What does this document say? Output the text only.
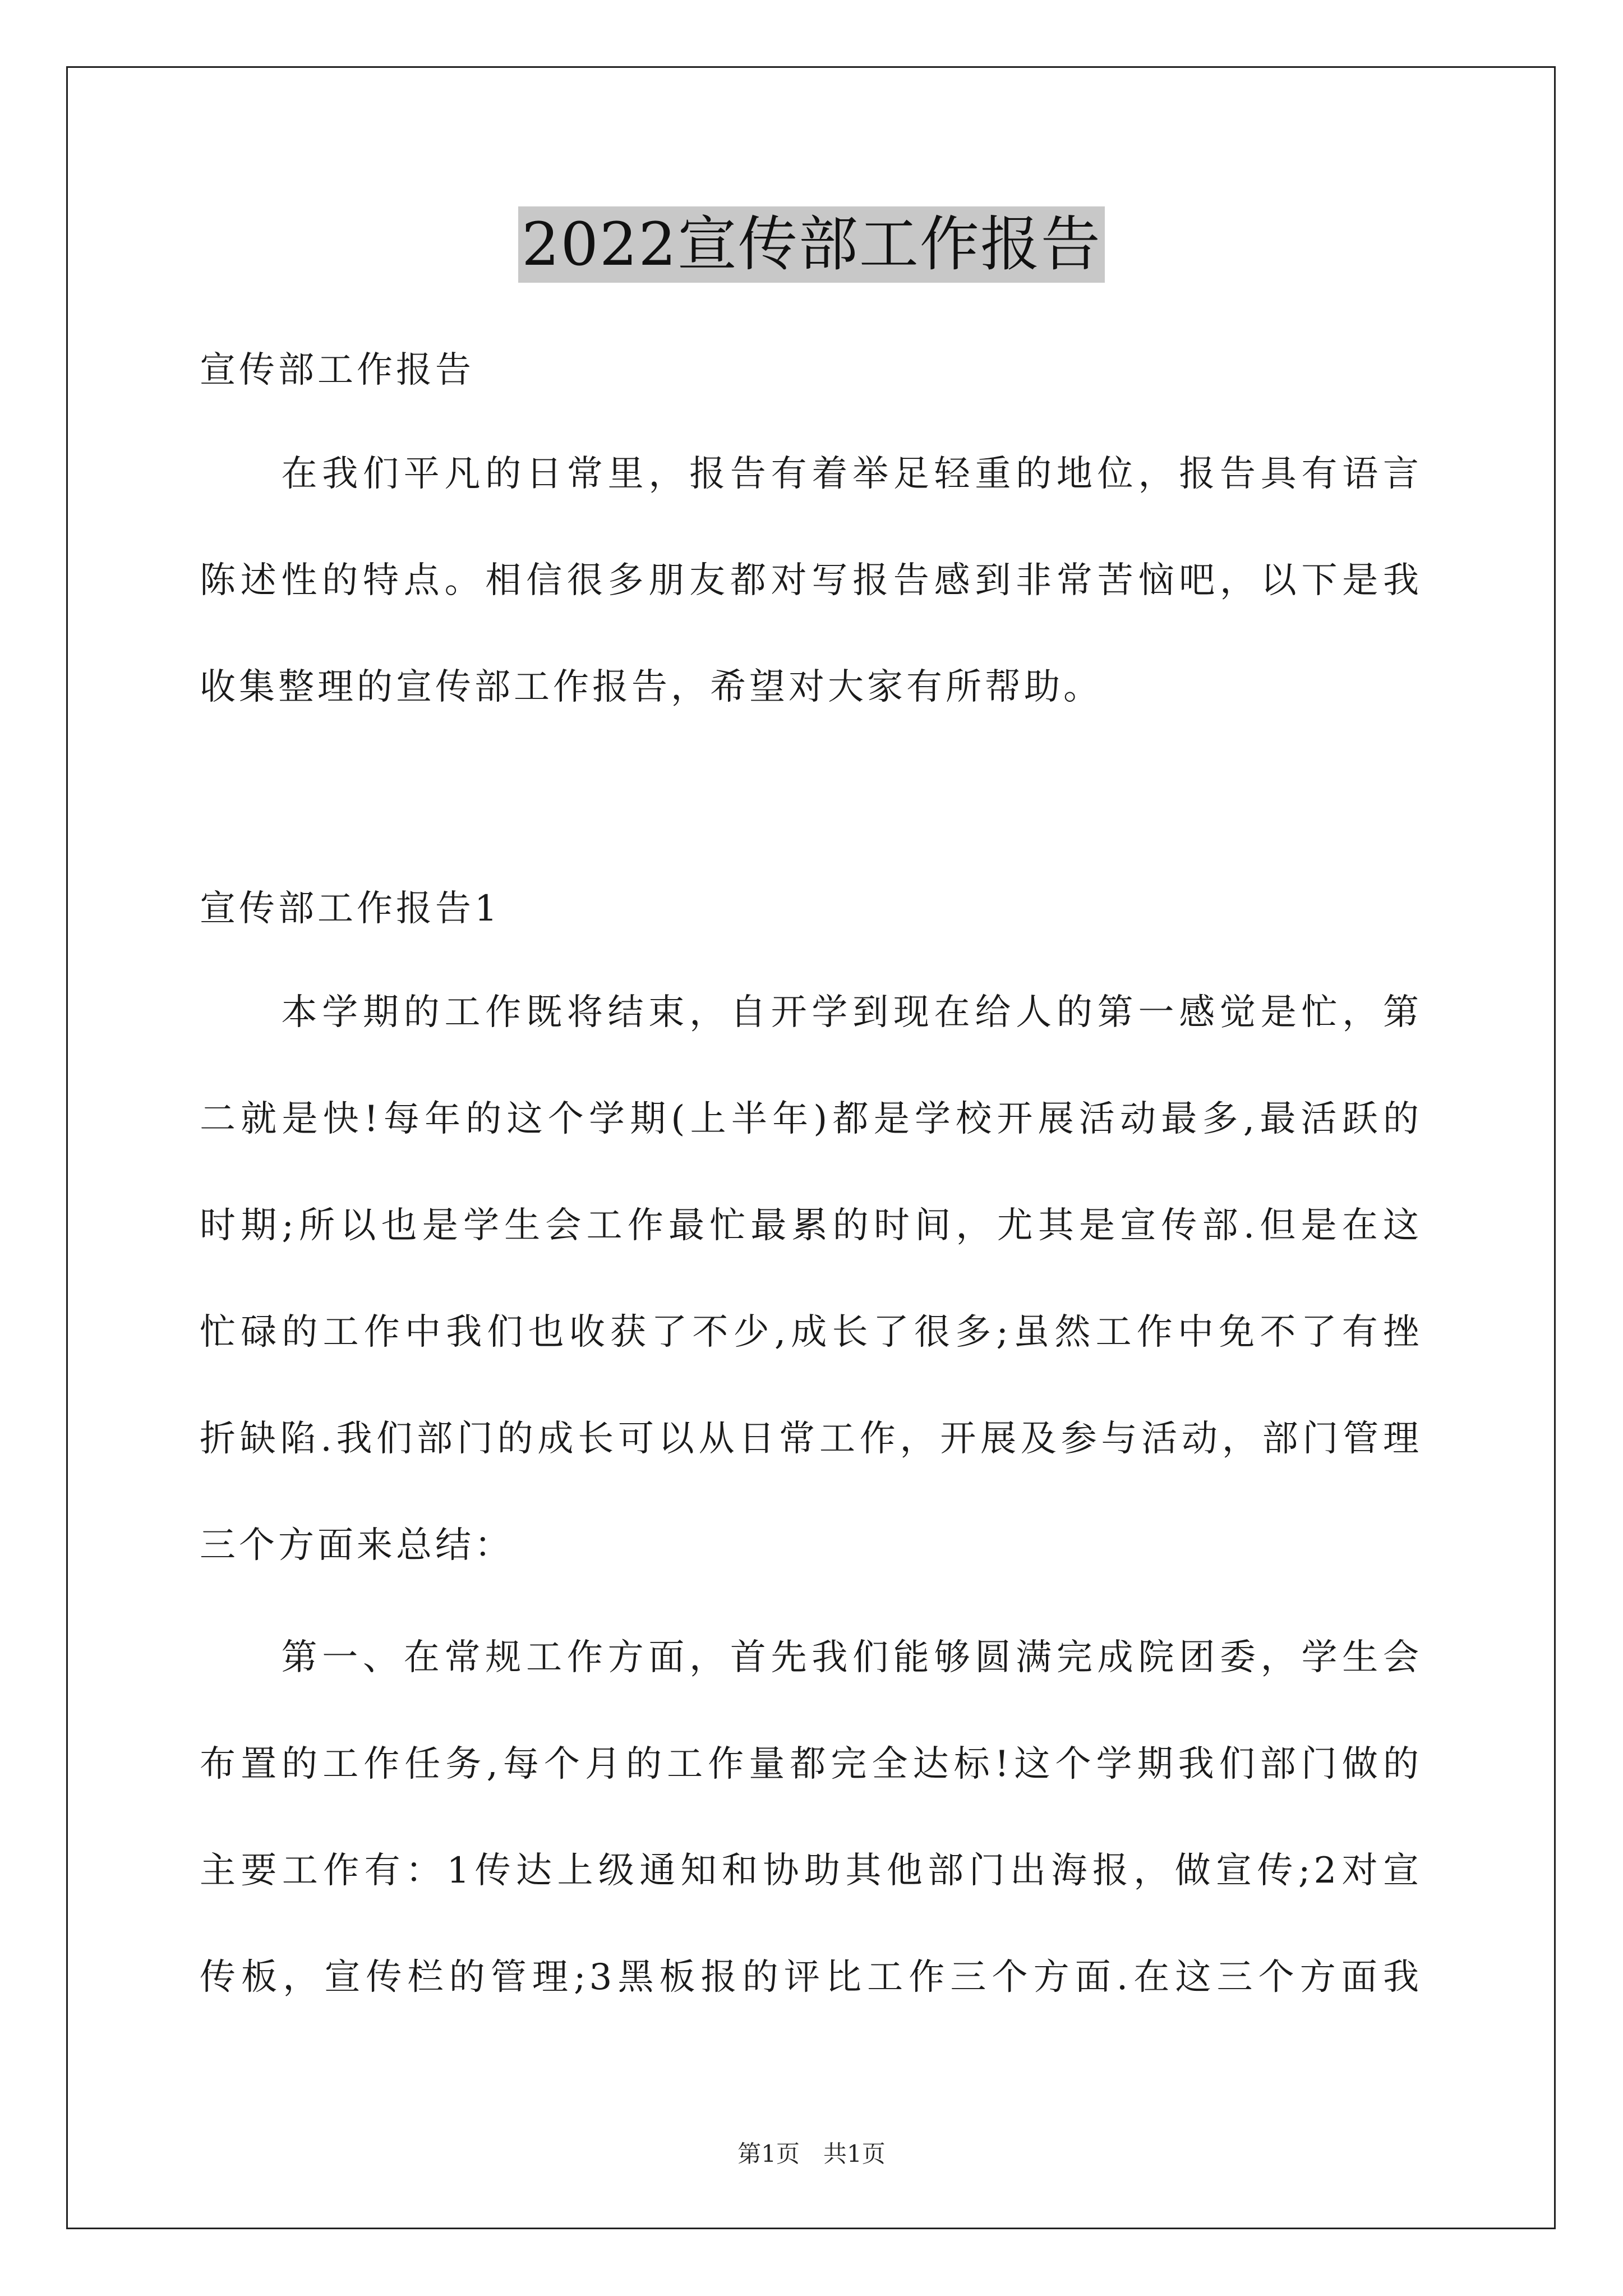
2022宣传部工作报告

宣传部工作报告

　　在我们平凡的日常里，报告有着举足轻重的地位，报告具有语言
陈述性的特点。相信很多朋友都对写报告感到非常苦恼吧，以下是我
收集整理的宣传部工作报告，希望对大家有所帮助。

宣传部工作报告1

　　本学期的工作既将结束，自开学到现在给人的第一感觉是忙，第
二就是快!每年的这个学期(上半年)都是学校开展活动最多,最活跃的
时期;所以也是学生会工作最忙最累的时间，尤其是宣传部.但是在这
忙碌的工作中我们也收获了不少,成长了很多;虽然工作中免不了有挫
折缺陷.我们部门的成长可以从日常工作，开展及参与活动，部门管理
三个方面来总结：
　　第一、在常规工作方面，首先我们能够圆满完成院团委，学生会
布置的工作任务,每个月的工作量都完全达标!这个学期我们部门做的
主要工作有：1传达上级通知和协助其他部门出海报，做宣传;2对宣
传板，宣传栏的管理;3黑板报的评比工作三个方面.在这三个方面我
第1页　共1页
